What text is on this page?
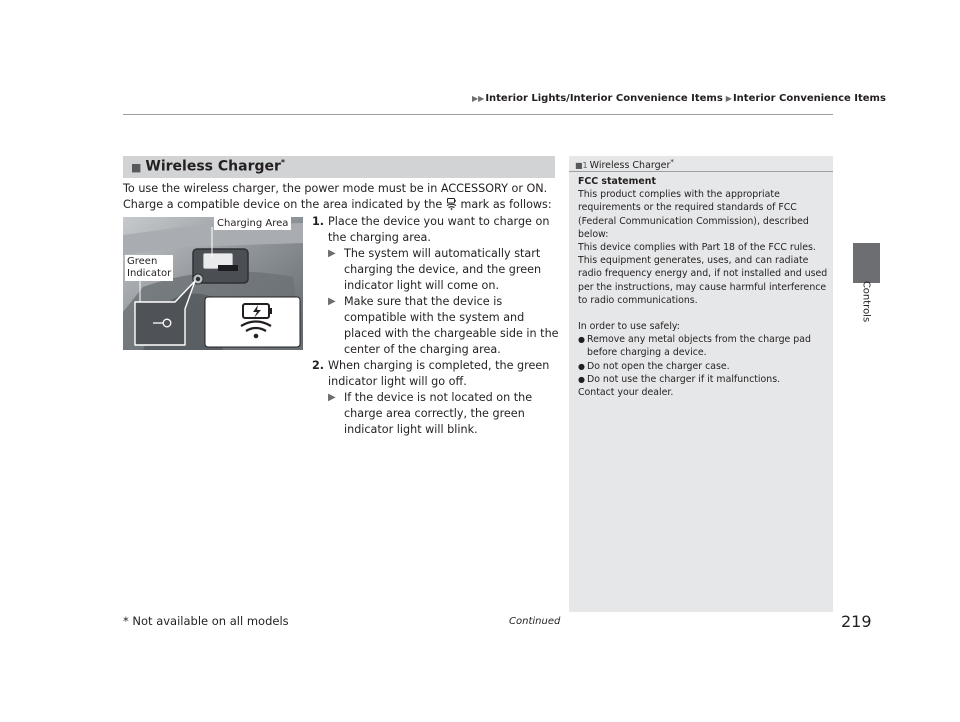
▶▶Interior Lights/Interior Convenience Items ▶Interior Convenience Items
Controls
■ Wireless Charger*
To use the wireless charger, the power mode must be in ACCESSORY or ON.
Charge a compatible device on the area indicated by the mark as follows:
Charging Area
Green
Indicator
1. Place the device you want to charge on the charging area.
▶ The system will automatically start charging the device, and the green indicator light will come on.
▶ Make sure that the device is compatible with the system and placed with the chargeable side in the center of the charging area.
2. When charging is completed, the green indicator light will go off.
▶ If the device is not located on the charge area correctly, the green indicator light will blink.
■1 Wireless Charger*
FCC statement
This product complies with the appropriate requirements or the required standards of FCC (Federal Communication Commission), described below:
This device complies with Part 18 of the FCC rules. This equipment generates, uses, and can radiate radio frequency energy and, if not installed and used per the instructions, may cause harmful interference to radio communications.
In order to use safely:
● Remove any metal objects from the charge pad before charging a device.
● Do not open the charger case.
● Do not use the charger if it malfunctions.
Contact your dealer.
* Not available on all models	Continued	219
